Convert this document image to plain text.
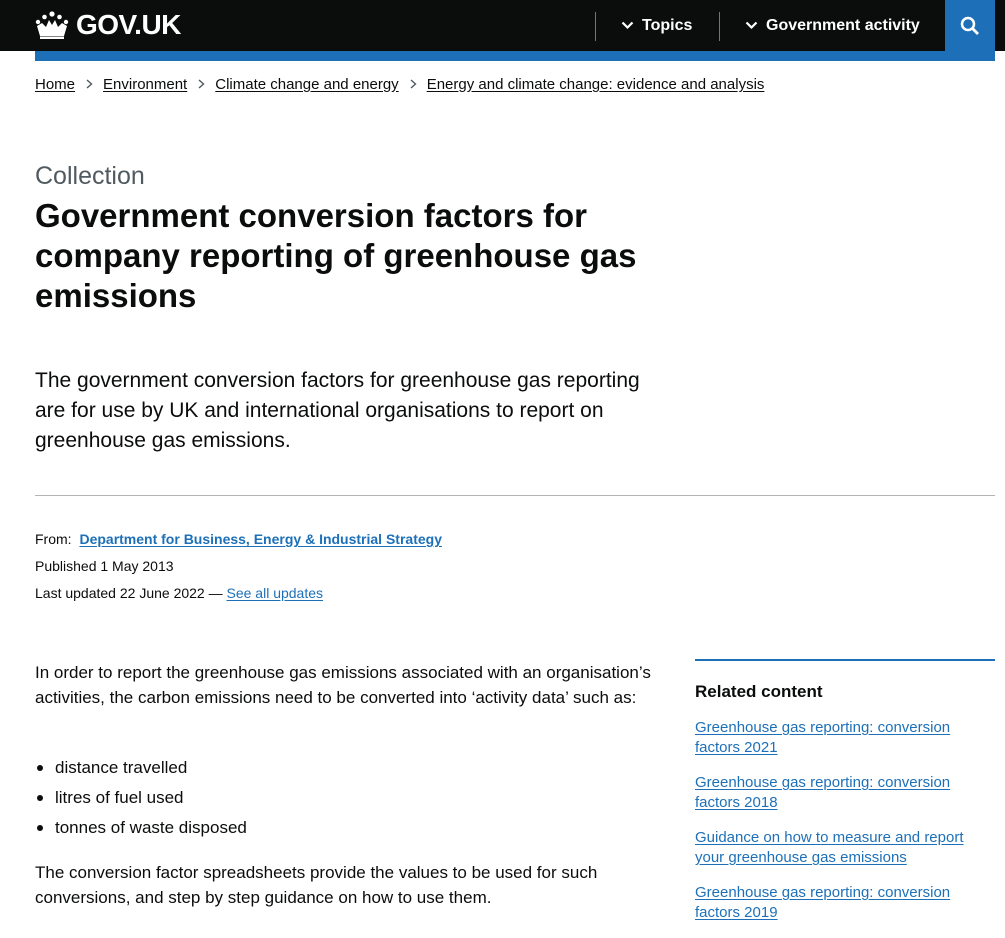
GOV.UK	Topics	Government activity
Home Environment Climate change and energy Energy and climate change: evidence and analysis
Collection
Government conversion factors for company reporting of greenhouse gas emissions

The government conversion factors for greenhouse gas reporting are for use by UK and international organisations to report on greenhouse gas emissions.

From: Department for Business, Energy & Industrial Strategy
Published 1 May 2013
Last updated 22 June 2022 — See all updates

In order to report the greenhouse gas emissions associated with an organisation’s activities, the carbon emissions need to be converted into ‘activity data’ such as:

distance travelled
litres of fuel used
tonnes of waste disposed

The conversion factor spreadsheets provide the values to be used for such conversions, and step by step guidance on how to use them.

Related content
Greenhouse gas reporting: conversion factors 2021
Greenhouse gas reporting: conversion factors 2018
Guidance on how to measure and report your greenhouse gas emissions
Greenhouse gas reporting: conversion factors 2019
